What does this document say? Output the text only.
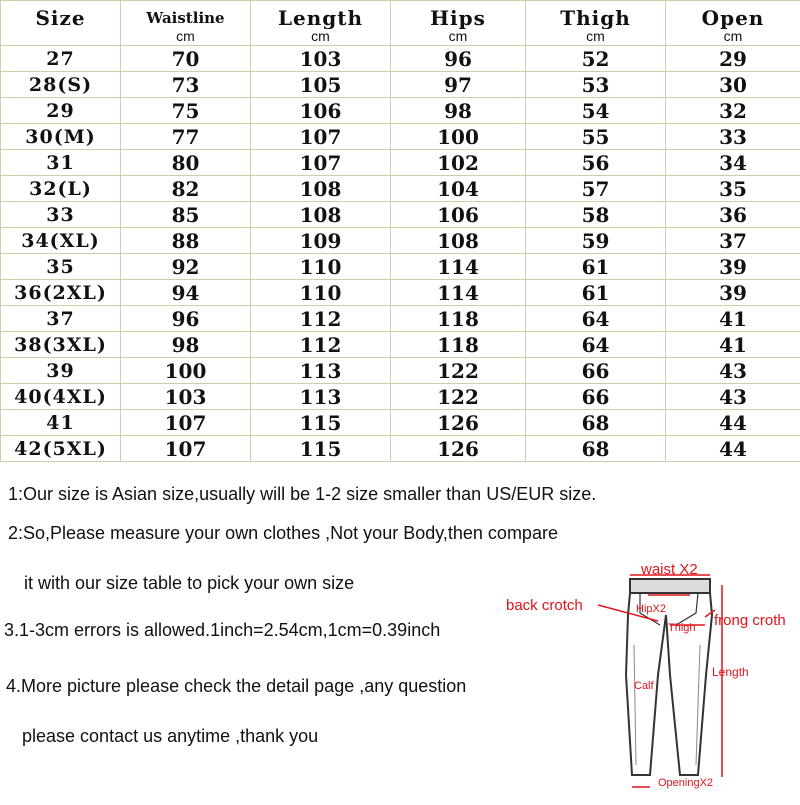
Size	Waistline	Length	Hips	Thigh	Open
	cm	cm	cm	cm	cm
27	70	103	96	52	29
28(S)	73	105	97	53	30
29	75	106	98	54	32
30(M)	77	107	100	55	33
31	80	107	102	56	34
32(L)	82	108	104	57	35
33	85	108	106	58	36
34(XL)	88	109	108	59	37
35	92	110	114	61	39
36(2XL)	94	110	114	61	39
37	96	112	118	64	41
38(3XL)	98	112	118	64	41
39	100	113	122	66	43
40(4XL)	103	113	122	66	43
41	107	115	126	68	44
42(5XL)	107	115	126	68	44
1:Our size is Asian size,usually will be 1-2 size smaller than US/EUR size.
2:So,Please measure your own clothes ,Not your Body,then compare
it with our size table to pick your own size
3.1-3cm errors is allowed.1inch=2.54cm,1cm=0.39inch
4.More picture please check the detail page ,any question
please contact us anytime ,thank you
waist X2
back crotch	HipX2
Thigh frong croth
Length
Calf
OpeningX2
